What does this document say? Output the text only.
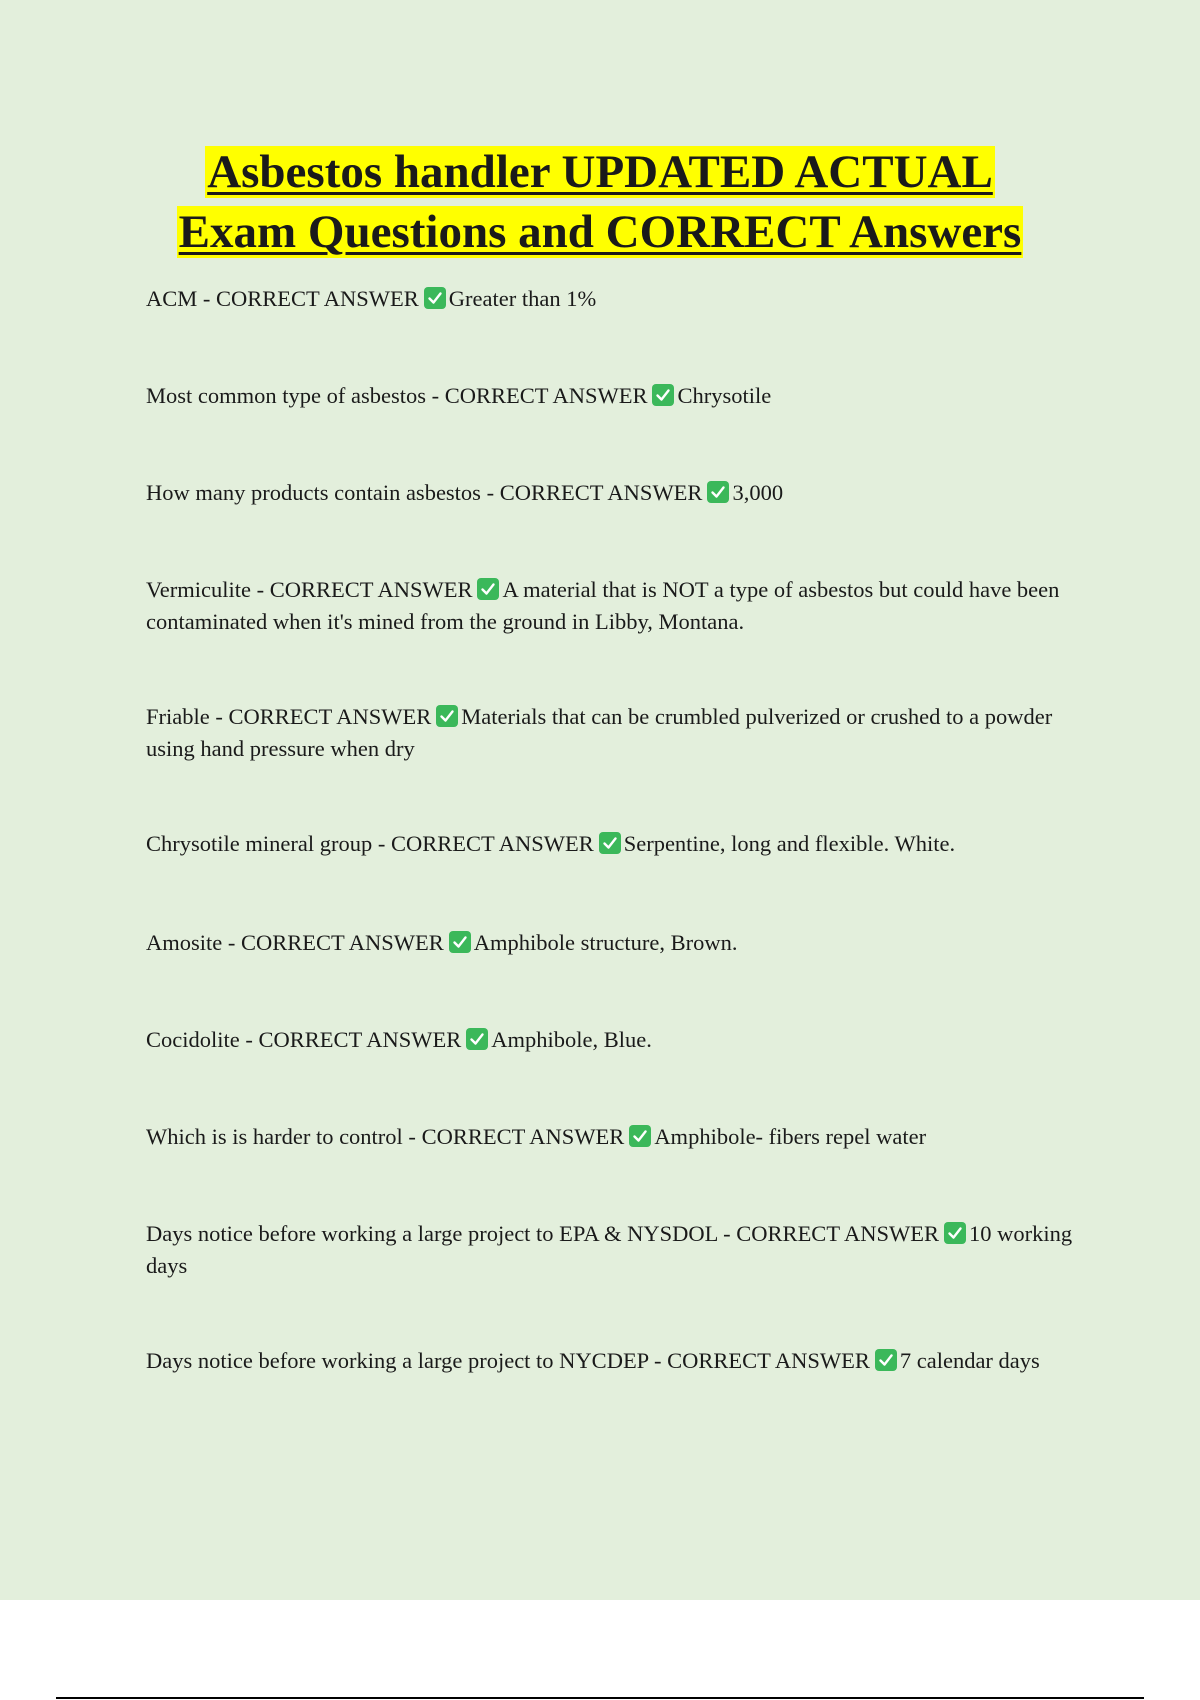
Asbestos handler UPDATED ACTUAL
Exam Questions and CORRECT Answers

ACM - CORRECT ANSWER Greater than 1%

Most common type of asbestos - CORRECT ANSWER Chrysotile

How many products contain asbestos - CORRECT ANSWER 3,000

Vermiculite - CORRECT ANSWER A material that is NOT a type of asbestos but could have been contaminated when it's mined from the ground in Libby, Montana.

Friable - CORRECT ANSWER Materials that can be crumbled pulverized or crushed to a powder using hand pressure when dry

Chrysotile mineral group - CORRECT ANSWER Serpentine, long and flexible. White.

Amosite - CORRECT ANSWER Amphibole structure, Brown.

Cocidolite - CORRECT ANSWER Amphibole, Blue.

Which is is harder to control - CORRECT ANSWER Amphibole- fibers repel water

Days notice before working a large project to EPA & NYSDOL - CORRECT ANSWER 10 working days

Days notice before working a large project to NYCDEP - CORRECT ANSWER 7 calendar days
